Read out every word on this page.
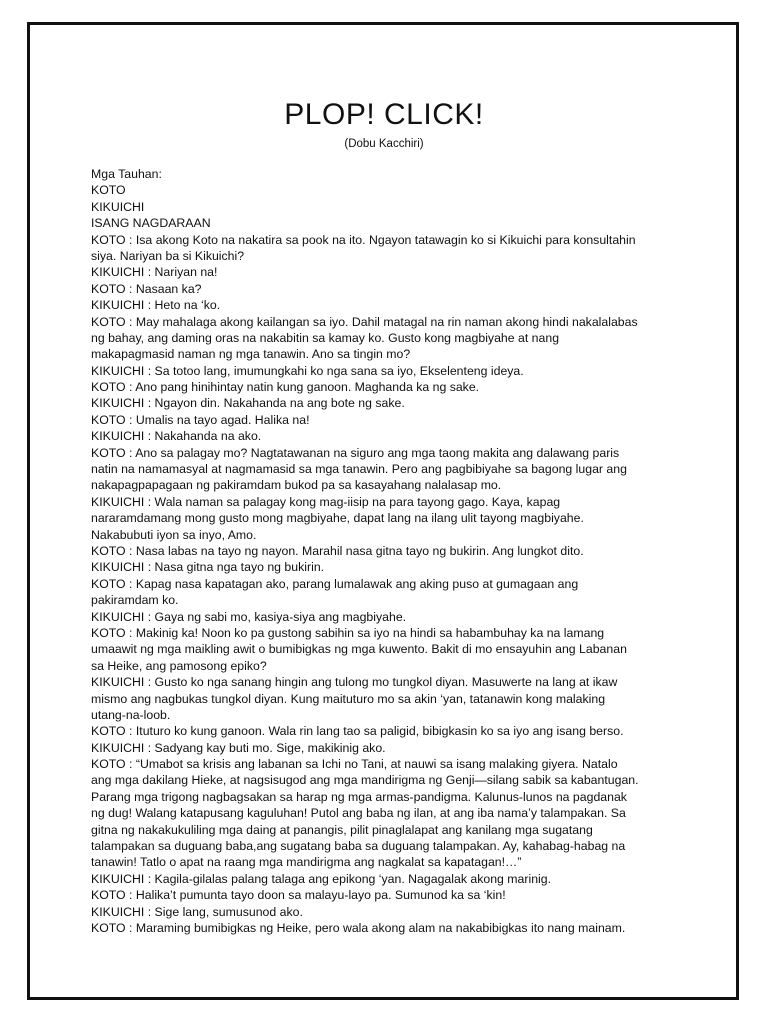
PLOP! CLICK!
(Dobu Kacchiri)
Mga Tauhan:
KOTO
KIKUICHI
ISANG NAGDARAAN
KOTO : Isa akong Koto na nakatira sa pook na ito. Ngayon tatawagin ko si Kikuichi para konsultahin
siya. Nariyan ba si Kikuichi?
KIKUICHI : Nariyan na!
KOTO : Nasaan ka?
KIKUICHI : Heto na ‘ko.
KOTO : May mahalaga akong kailangan sa iyo. Dahil matagal na rin naman akong hindi nakalalabas
ng bahay, ang daming oras na nakabitin sa kamay ko. Gusto kong magbiyahe at nang
makapagmasid naman ng mga tanawin. Ano sa tingin mo?
KIKUICHI : Sa totoo lang, imumungkahi ko nga sana sa iyo, Ekselenteng ideya.
KOTO : Ano pang hinihintay natin kung ganoon. Maghanda ka ng sake.
KIKUICHI : Ngayon din. Nakahanda na ang bote ng sake.
KOTO : Umalis na tayo agad. Halika na!
KIKUICHI : Nakahanda na ako.
KOTO : Ano sa palagay mo? Nagtatawanan na siguro ang mga taong makita ang dalawang paris
natin na namamasyal at nagmamasid sa mga tanawin. Pero ang pagbibiyahe sa bagong lugar ang
nakapagpapagaan ng pakiramdam bukod pa sa kasayahang nalalasap mo.
KIKUICHI : Wala naman sa palagay kong mag-iisip na para tayong gago. Kaya, kapag
nararamdamang mong gusto mong magbiyahe, dapat lang na ilang ulit tayong magbiyahe.
Nakabubuti iyon sa inyo, Amo.
KOTO : Nasa labas na tayo ng nayon. Marahil nasa gitna tayo ng bukirin. Ang lungkot dito.
KIKUICHI : Nasa gitna nga tayo ng bukirin.
KOTO : Kapag nasa kapatagan ako, parang lumalawak ang aking puso at gumagaan ang
pakiramdam ko.
KIKUICHI : Gaya ng sabi mo, kasiya-siya ang magbiyahe.
KOTO : Makinig ka! Noon ko pa gustong sabihin sa iyo na hindi sa habambuhay ka na lamang
umaawit ng mga maikling awit o bumibigkas ng mga kuwento. Bakit di mo ensayuhin ang Labanan
sa Heike, ang pamosong epiko?
KIKUICHI : Gusto ko nga sanang hingin ang tulong mo tungkol diyan. Masuwerte na lang at ikaw
mismo ang nagbukas tungkol diyan. Kung maituturo mo sa akin ‘yan, tatanawin kong malaking
utang-na-loob.
KOTO : Ituturo ko kung ganoon. Wala rin lang tao sa paligid, bibigkasin ko sa iyo ang isang berso.
KIKUICHI : Sadyang kay buti mo. Sige, makikinig ako.
KOTO : “Umabot sa krisis ang labanan sa Ichi no Tani, at nauwi sa isang malaking giyera. Natalo
ang mga dakilang Hieke, at nagsisugod ang mga mandirigma ng Genji—silang sabik sa kabantugan.
Parang mga trigong nagbagsakan sa harap ng mga armas-pandigma. Kalunus-lunos na pagdanak
ng dug! Walang katapusang kaguluhan! Putol ang baba ng ilan, at ang iba nama’y talampakan. Sa
gitna ng nakakukuliling mga daing at panangis, pilit pinaglalapat ang kanilang mga sugatang
talampakan sa duguang baba,ang sugatang baba sa duguang talampakan. Ay, kahabag-habag na
tanawin! Tatlo o apat na raang mga mandirigma ang nagkalat sa kapatagan!…”
KIKUICHI : Kagila-gilalas palang talaga ang epikong ‘yan. Nagagalak akong marinig.
KOTO : Halika’t pumunta tayo doon sa malayu-layo pa. Sumunod ka sa ‘kin!
KIKUICHI : Sige lang, sumusunod ako.
KOTO : Maraming bumibigkas ng Heike, pero wala akong alam na nakabibigkas ito nang mainam.
